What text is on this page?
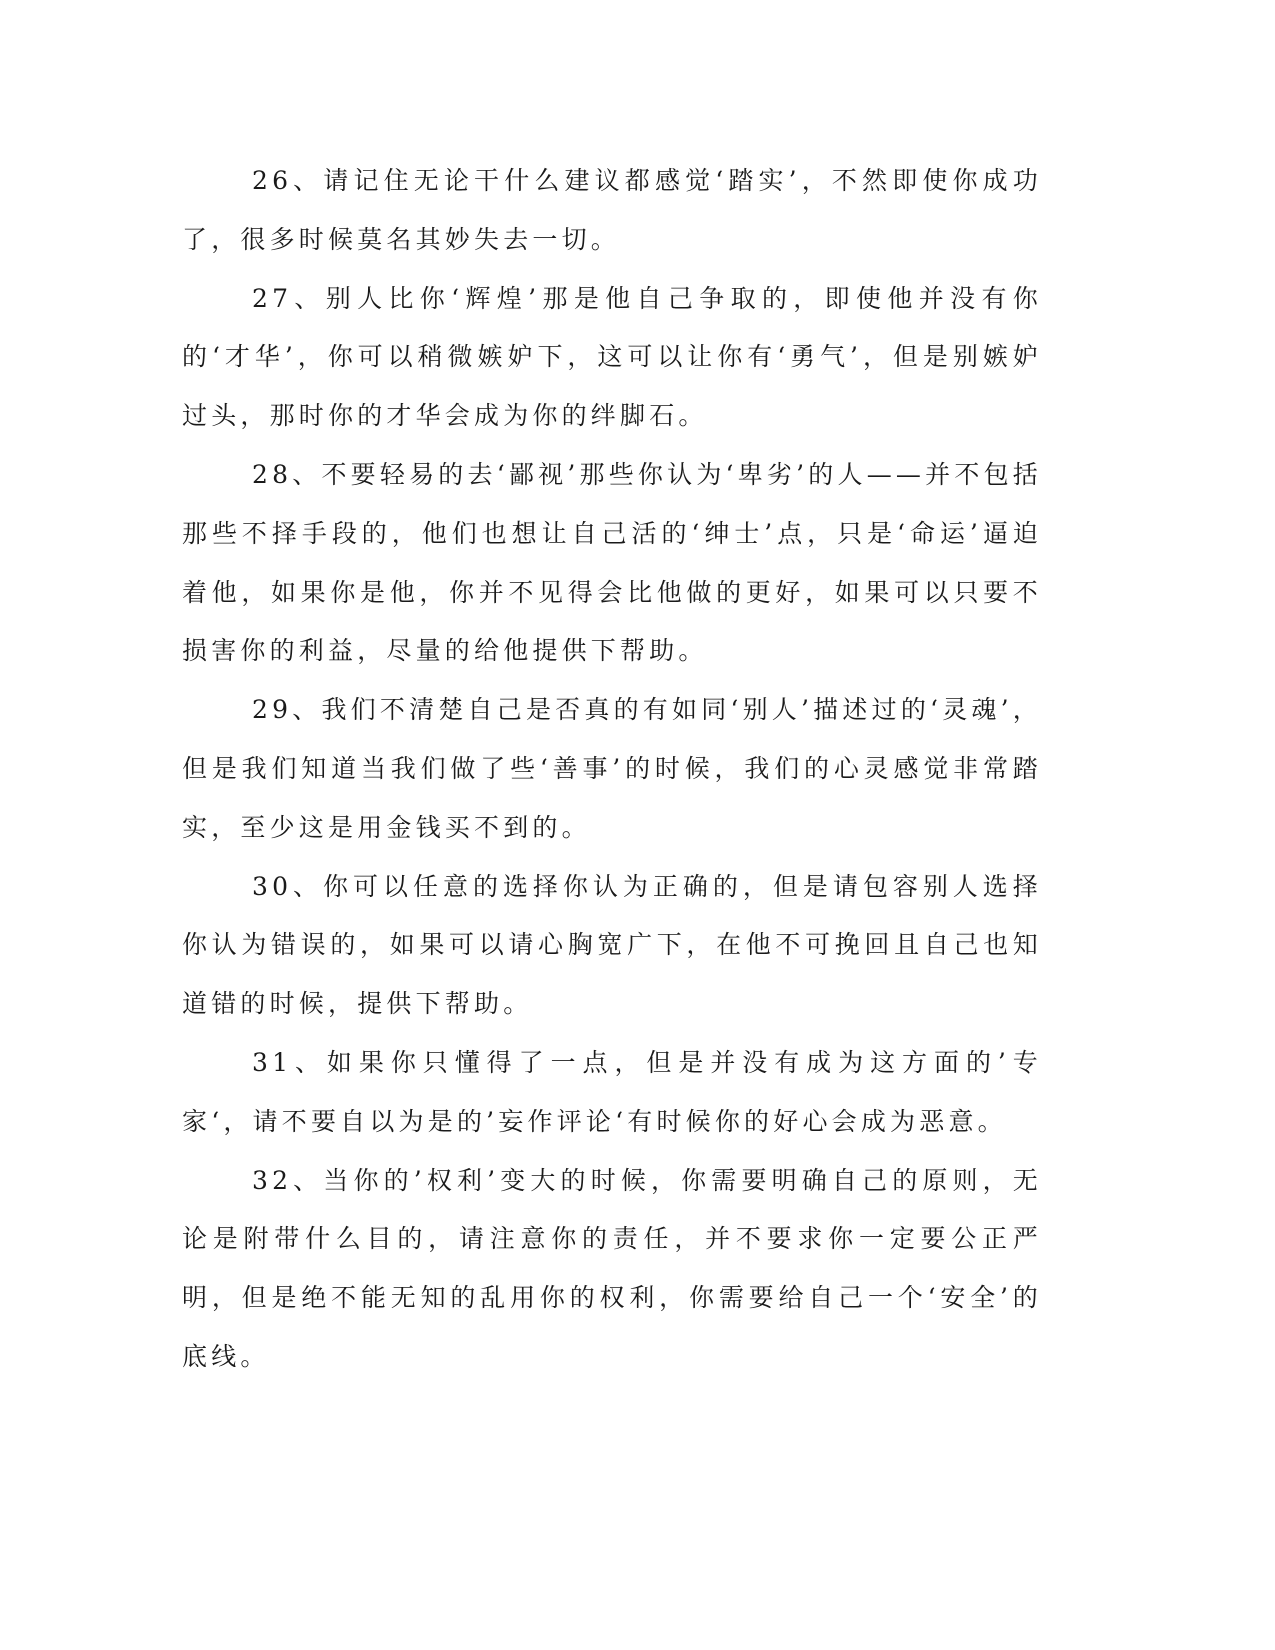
26、请记住无论干什么建议都感觉‘踏实’，不然即使你成功了，很多时候莫名其妙失去一切。

27、别人比你‘辉煌’那是他自己争取的，即使他并没有你的‘才华’，你可以稍微嫉妒下，这可以让你有‘勇气’，但是别嫉妒过头，那时你的才华会成为你的绊脚石。

28、不要轻易的去‘鄙视’那些你认为‘卑劣’的人——并不包括那些不择手段的，他们也想让自己活的‘绅士’点，只是‘命运’逼迫着他，如果你是他，你并不见得会比他做的更好，如果可以只要不损害你的利益，尽量的给他提供下帮助。

29、我们不清楚自己是否真的有如同‘别人’描述过的‘灵魂’，但是我们知道当我们做了些‘善事’的时候，我们的心灵感觉非常踏实，至少这是用金钱买不到的。

30、你可以任意的选择你认为正确的，但是请包容别人选择你认为错误的，如果可以请心胸宽广下，在他不可挽回且自己也知道错的时候，提供下帮助。

31、如果你只懂得了一点，但是并没有成为这方面的’专家‘，请不要自以为是的’妄作评论‘有时候你的好心会成为恶意。

32、当你的’权利’变大的时候，你需要明确自己的原则，无论是附带什么目的，请注意你的责任，并不要求你一定要公正严明，但是绝不能无知的乱用你的权利，你需要给自己一个‘安全’的底线。
